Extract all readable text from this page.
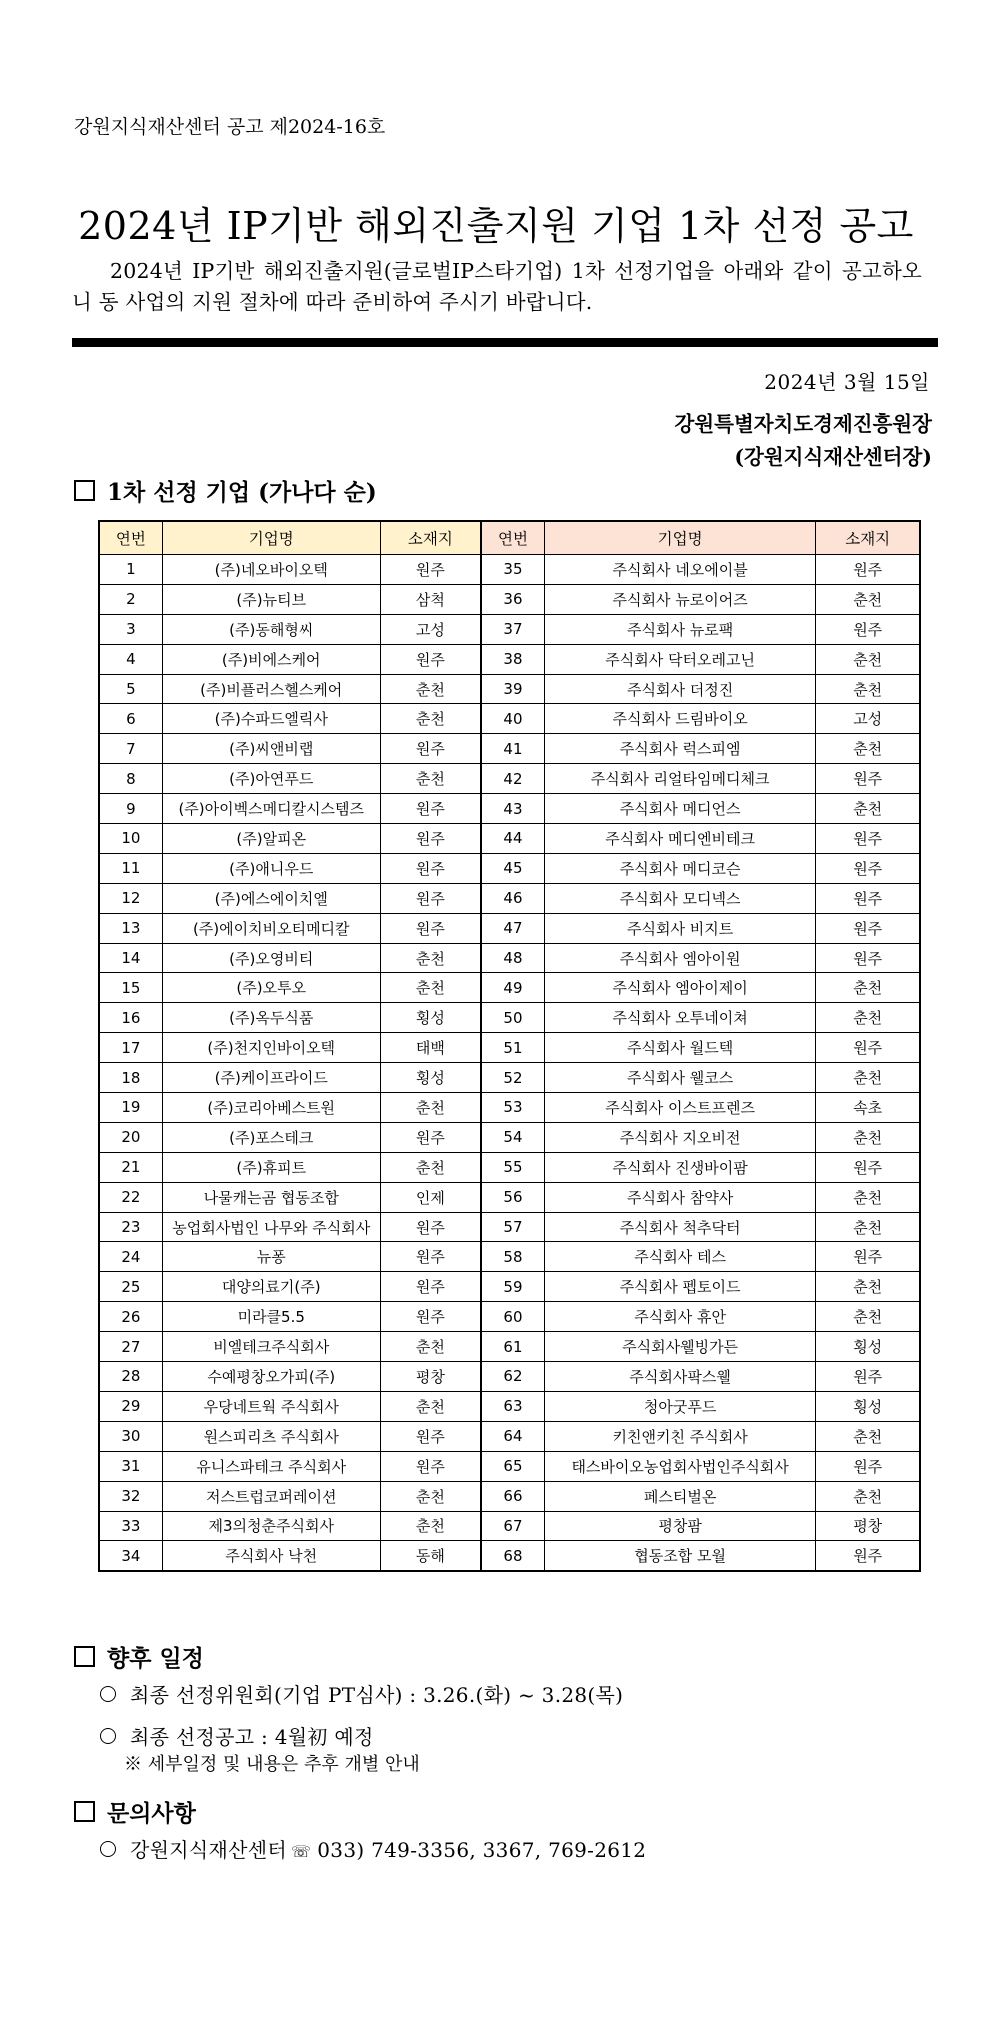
강원지식재산센터 공고 제2024-16호
2024년 IP기반 해외진출지원 기업 1차 선정 공고
2024년 IP기반 해외진출지원(글로벌IP스타기업) 1차 선정기업을 아래와 같이 공고하오니 동 사업의 지원 절차에 따라 준비하여 주시기 바랍니다.
2024년 3월 15일
강원특별자치도경제진흥원장
(강원지식재산센터장)
1차 선정 기업 (가나다 순)
연번	기업명	소재지	연번	기업명	소재지
1	(주)네오바이오텍	원주	35	주식회사 네오에이블	원주
2	(주)뉴티브	삼척	36	주식회사 뉴로이어즈	춘천
3	(주)동해형씨	고성	37	주식회사 뉴로팩	원주
4	(주)비에스케어	원주	38	주식회사 닥터오레고닌	춘천
5	(주)비플러스헬스케어	춘천	39	주식회사 더정진	춘천
6	(주)수파드엘릭사	춘천	40	주식회사 드림바이오	고성
7	(주)씨앤비랩	원주	41	주식회사 럭스피엠	춘천
8	(주)아연푸드	춘천	42	주식회사 리얼타임메디체크	원주
9	(주)아이벡스메디칼시스템즈	원주	43	주식회사 메디언스	춘천
10	(주)알피온	원주	44	주식회사 메디엔비테크	원주
11	(주)애니우드	원주	45	주식회사 메디코슨	원주
12	(주)에스에이치엘	원주	46	주식회사 모디넥스	원주
13	(주)에이치비오티메디칼	원주	47	주식회사 비지트	원주
14	(주)오영비티	춘천	48	주식회사 엠아이원	원주
15	(주)오투오	춘천	49	주식회사 엠아이제이	춘천
16	(주)옥두식품	횡성	50	주식회사 오투네이쳐	춘천
17	(주)천지인바이오텍	태백	51	주식회사 월드텍	원주
18	(주)케이프라이드	횡성	52	주식회사 웰코스	춘천
19	(주)코리아베스트원	춘천	53	주식회사 이스트프렌즈	속초
20	(주)포스테크	원주	54	주식회사 지오비전	춘천
21	(주)휴피트	춘천	55	주식회사 진생바이팜	원주
22	나물캐는곰 협동조합	인제	56	주식회사 참약사	춘천
23	농업회사법인 나무와 주식회사	원주	57	주식회사 척추닥터	춘천
24	뉴퐁	원주	58	주식회사 테스	원주
25	대양의료기(주)	원주	59	주식회사 펩토이드	춘천
26	미라클5.5	원주	60	주식회사 휴안	춘천
27	비엘테크주식회사	춘천	61	주식회사웰빙가든	횡성
28	수예평창오가피(주)	평창	62	주식회사팍스웰	원주
29	우당네트웍 주식회사	춘천	63	청아굿푸드	횡성
30	원스피리츠 주식회사	원주	64	키친앤키친 주식회사	춘천
31	유니스파테크 주식회사	원주	65	태스바이오농업회사법인주식회사	원주
32	저스트럽코퍼레이션	춘천	66	페스티벌온	춘천
33	제3의청춘주식회사	춘천	67	평창팜	평창
34	주식회사 낙천	동해	68	협동조합 모월	원주
향후 일정
최종 선정위원회(기업 PT심사) : 3.26.(화) ~ 3.28(목)
최종 선정공고 : 4월初 예정
※ 세부일정 및 내용은 추후 개별 안내
문의사항
강원지식재산센터 ☏ 033) 749-3356, 3367, 769-2612
